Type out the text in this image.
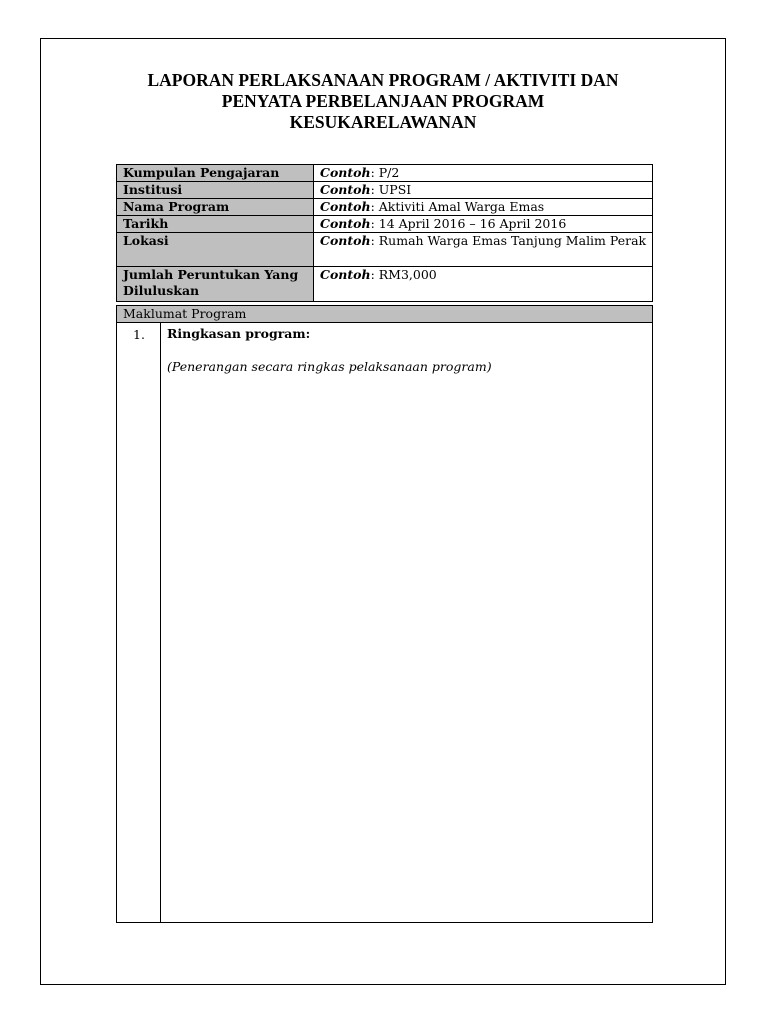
LAPORAN PERLAKSANAAN PROGRAM / AKTIVITI DAN
PENYATA PERBELANJAAN PROGRAM
KESUKARELAWANAN
Kumpulan Pengajaran	Contoh: P/2
Institusi	Contoh: UPSI
Nama Program	Contoh: Aktiviti Amal Warga Emas
Tarikh	Contoh: 14 April 2016 – 16 April 2016
Lokasi	Contoh: Rumah Warga Emas Tanjung Malim Perak
Jumlah Peruntukan Yang Diluluskan	Contoh: RM3,000
Maklumat Program
1. Ringkasan program:
(Penerangan secara ringkas pelaksanaan program)
